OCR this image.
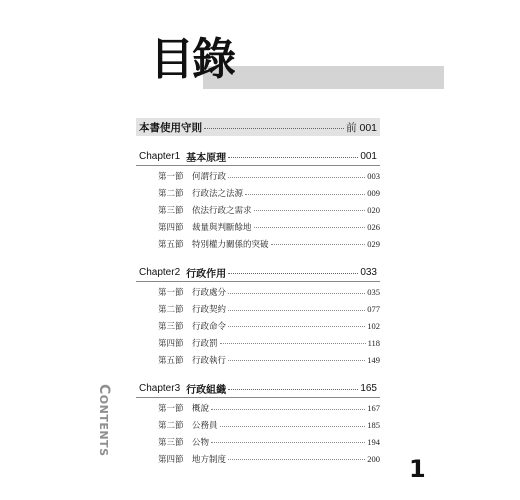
目錄
本書使用守則	前 001
Chapter1 基本原理	001
第一節 何謂行政	003
第二節 行政法之法源	009
第三節 依法行政之需求	020
第四節 裁量與判斷餘地	026
第五節 特別權力關係的突破	029
Chapter2 行政作用	033
第一節 行政處分	035
第二節 行政契約	077
第三節 行政命令	102
第四節 行政罰	118
第五節 行政執行	149
Chapter3 行政組織	165
第一節 概說	167
第二節 公務員	185
第三節 公物	194
第四節 地方制度	200
CONTENTS
1
